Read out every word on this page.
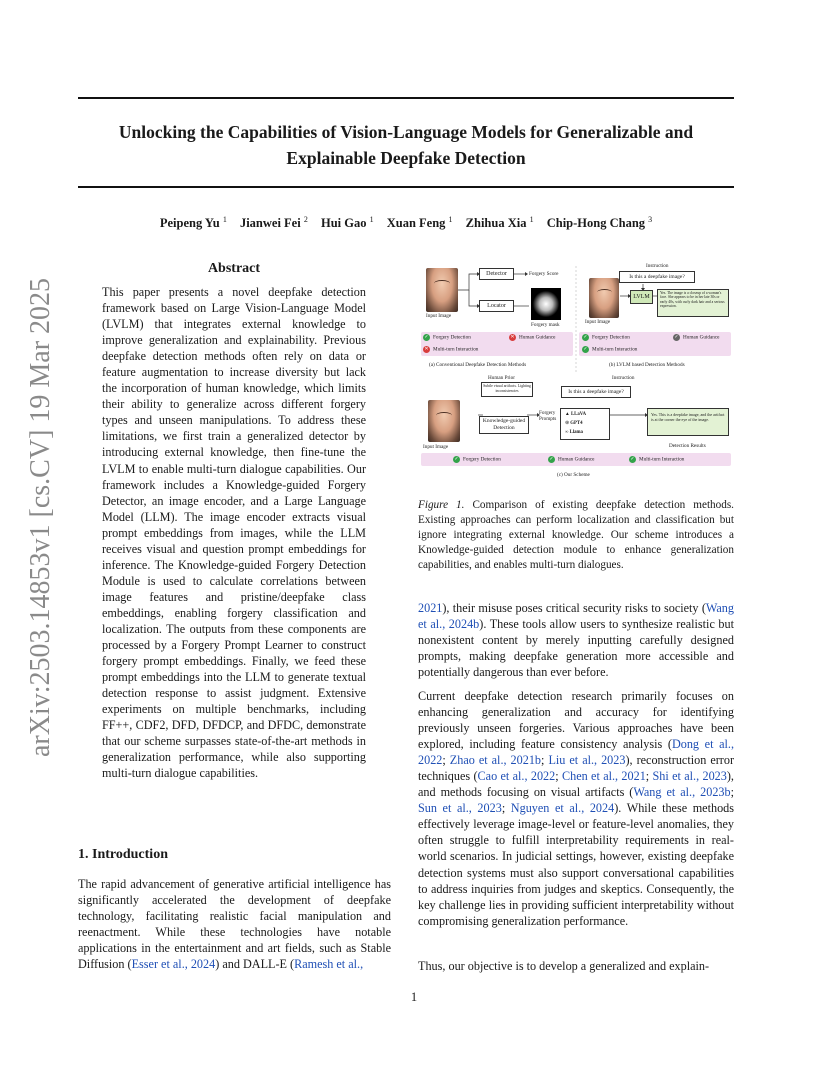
Unlocking the Capabilities of Vision-Language Models for Generalizable and
Explainable Deepfake Detection
Peipeng Yu $^1$ Jianwei Fei $^2$ Hui Gao $^1$ Xuan Feng $^1$ Zhihua Xia $^1$ Chip-Hong Chang $^3$
arXiv:2503.14853v1 [cs.CV] 19 Mar 2025
Abstract
This paper presents a novel deepfake detection framework based on Large Vision-Language Model (LVLM) that integrates external knowledge to improve generalization and explainability. Previous deepfake detection methods often rely on data or feature augmentation to increase diversity but lack the incorporation of human knowledge, which limits their ability to generalize across different forgery types and unseen manipulations. To address these limitations, we first train a generalized detector by introducing external knowledge, then fine-tune the LVLM to enable multi-turn dialogue capabilities. Our framework includes a Knowledge-guided Forgery Detector, an image encoder, and a Large Language Model (LLM). The image encoder extracts visual prompt embeddings from images, while the LLM receives visual and question prompt embeddings for inference. The Knowledge-guided Forgery Detection Module is used to calculate correlations between image features and pristine/deepfake class embeddings, enabling forgery classification and localization. The outputs from these components are processed by a Forgery Prompt Learner to construct forgery prompt embeddings. Finally, we feed these prompt embeddings into the LLM to generate textual detection response to assist judgment. Extensive experiments on multiple benchmarks, including FF++, CDF2, DFD, DFDCP, and DFDC, demonstrate that our scheme surpasses state-of-the-art methods in generalization performance, while also supporting multi-turn dialogue capabilities.
1. Introduction
The rapid advancement of generative artificial intelligence has significantly accelerated the development of deepfake technology, facilitating realistic facial manipulation and reenactment. While these technologies have notable applications in the entertainment and art fields, such as Stable Diffusion (Esser et al., 2024) and DALL-E (Ramesh et al.,
Input Image
Detector	Forgery Score
Locator
Forgery mask
✓ Forgery Detection	✕ Human Guidance
✕ Multi-turn Interaction
(a) Conventional Deepfake Detection Methods
Instruction
Is this a deepfake image?
Input Image
LVLM
Yes. The image is a closeup of a woman's face. She appears to be in her late 30s or early 40s, with curly dark hair and a serious expression.
✓ Forgery Detection	✓ Human Guidance
✓ Multi-turn Interaction
(b) LVLM based Detection Methods
Human Prior
Subtle visual artifacts. Lighting inconsistencies
Instruction
Is this a deepfake image?
Input Image
Knowledge-guided Detection
Forgery Prompts
▲ LLaVA
⊛ GPT4
∞ Llama
Yes. This is a deepfake image, and the artifact is at the corner the eye of the image.
Detection Results
✓ Forgery Detection	✓ Human Guidance	✓ Multi-turn Interaction
(c) Our Scheme
Figure 1. Comparison of existing deepfake detection methods. Existing approaches can perform localization and classification but ignore integrating external knowledge. Our scheme introduces a Knowledge-guided detection module to enhance generalization capabilities, and enables multi-turn dialogues.
2021), their misuse poses critical security risks to society (Wang et al., 2024b). These tools allow users to synthesize realistic but nonexistent content by merely inputting carefully designed prompts, making deepfake generation more accessible and potentially dangerous than ever before.
Current deepfake detection research primarily focuses on enhancing generalization and accuracy for identifying previously unseen forgeries. Various approaches have been explored, including feature consistency analysis (Dong et al., 2022; Zhao et al., 2021b; Liu et al., 2023), reconstruction error techniques (Cao et al., 2022; Chen et al., 2021; Shi et al., 2023), and methods focusing on visual artifacts (Wang et al., 2023b; Sun et al., 2023; Nguyen et al., 2024). While these methods effectively leverage image-level or feature-level anomalies, they often struggle to fulfill interpretability requirements in real-world scenarios. In judicial settings, however, existing deepfake detection systems must also support conversational capabilities to address inquiries from judges and skeptics. Consequently, the key challenge lies in providing sufficient interpretability without compromising generalization performance.
Thus, our objective is to develop a generalized and explain-
1
